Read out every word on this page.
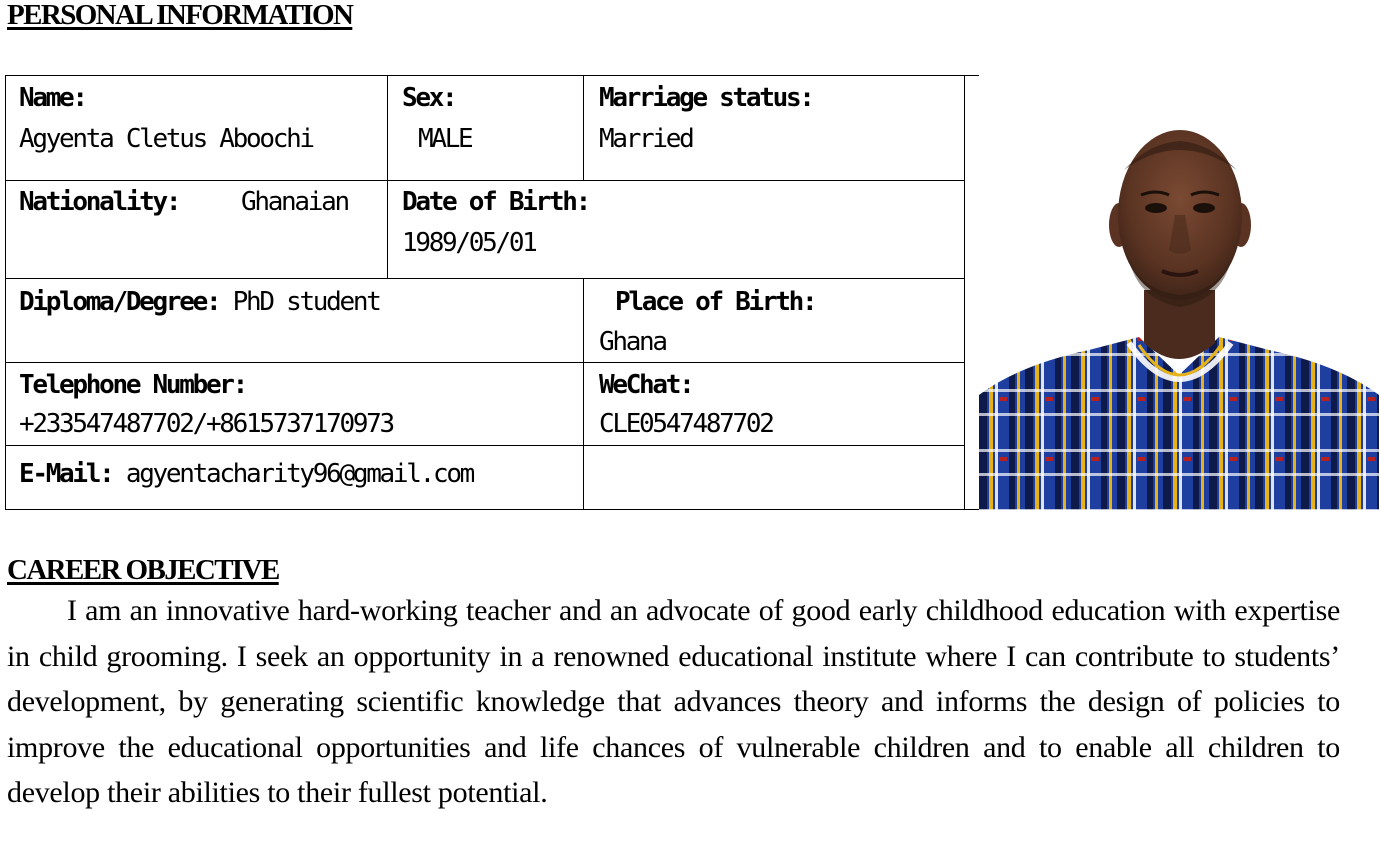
PERSONAL INFORMATION
Name:
Agyenta Cletus Aboochi
Sex:
MALE
Marriage status:
Married
Nationality: Ghanaian Date of Birth:
1989/05/01
Diploma/Degree: PhD student	Place of Birth:
Ghana
Telephone Number:
+233547487702/+8615737170973
WeChat:
CLE0547487702
E-Mail: agyentacharity96@gmail.com
CAREER OBJECTIVE

I am an innovative hard-working teacher and an advocate of good early childhood education with expertise in child grooming. I seek an opportunity in a renowned educational institute where I can contribute to students’ development, by generating scientific knowledge that advances theory and informs the design of policies to improve the educational opportunities and life chances of vulnerable children and to enable all children to develop their abilities to their fullest potential.
